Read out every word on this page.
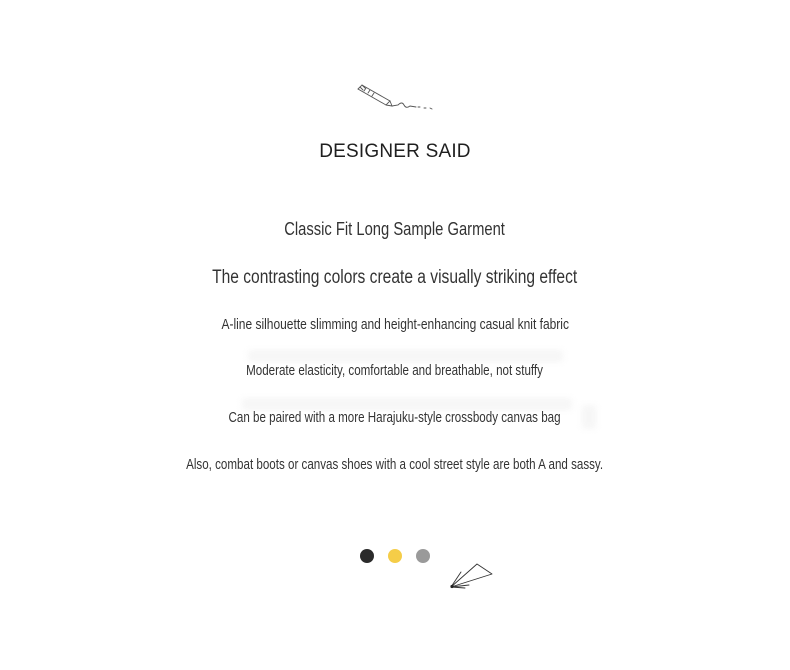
DESIGNER SAID
Classic Fit Long Sample Garment
The contrasting colors create a visually striking effect
A-line silhouette slimming and height-enhancing casual knit fabric
Moderate elasticity, comfortable and breathable, not stuffy
Can be paired with a more Harajuku-style crossbody canvas bag
Also, combat boots or canvas shoes with a cool street style are both A and sassy.
